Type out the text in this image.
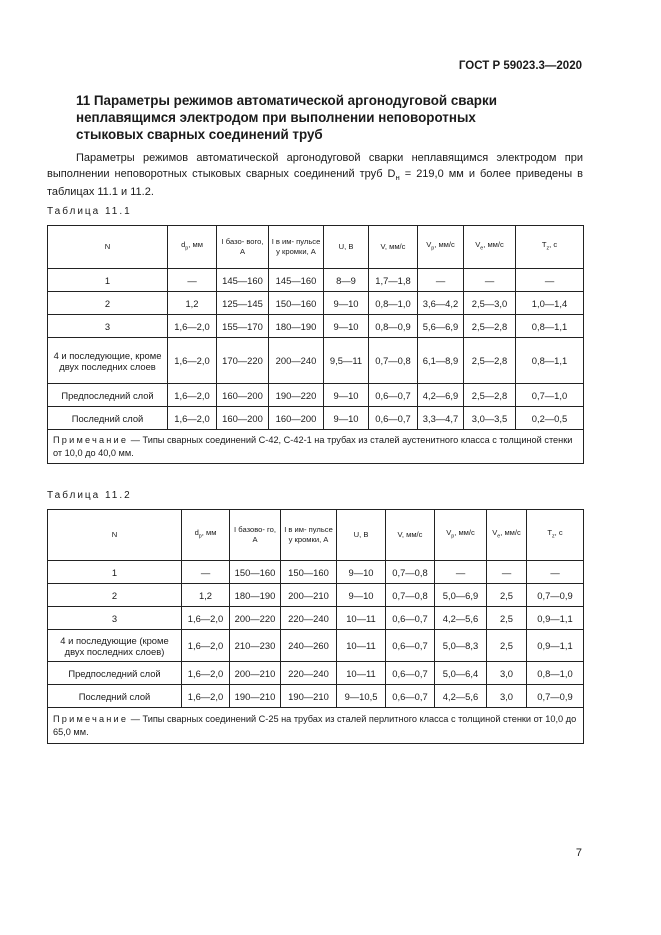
ГОСТ Р 59023.3—2020
11 Параметры режимов автоматической аргонодуговой сварки
неплавящимся электродом при выполнении неповоротных
стыковых сварных соединений труб
Параметры режимов автоматической аргонодуговой сварки неплавящимся электродом при выполнении неповоротных стыковых сварных соединений труб $D_н = 219,0$ мм и более приведены в таблицах 11.1 и 11.2.
Таблица 11.1
N	$d_p$, мм	I базо- вого, А	I в им- пульсе у кромки, А	U, В	V, мм/с	$V_p$, мм/с	$V_e$, мм/с	$T_z$, с
1	—	145—160	145—160	8—9	1,7—1,8	—	—	—
2	1,2	125—145	150—160	9—10	0,8—1,0	3,6—4,2	2,5—3,0	1,0—1,4
3	1,6—2,0	155—170	180—190	9—10	0,8—0,9	5,6—6,9	2,5—2,8	0,8—1,1
4 и последующие, кроме двух последних слоев	1,6—2,0	170—220	200—240	9,5—11	0,7—0,8	6,1—8,9	2,5—2,8	0,8—1,1
Предпоследний слой	1,6—2,0	160—200	190—220	9—10	0,6—0,7	4,2—6,9	2,5—2,8	0,7—1,0
Последний слой	1,6—2,0	160—200	160—200	9—10	0,6—0,7	3,3—4,7	3,0—3,5	0,2—0,5
Примечание — Типы сварных соединений С-42, С-42-1 на трубах из сталей аустенитного класса с толщиной стенки от 10,0 до 40,0 мм.								
Таблица 11.2
N	$d_p$, мм	I базово- го, А	I в им- пульсе у кромки, А	U, В	V, мм/с	$V_p$, мм/с	$V_e$, мм/с	$T_z$, с
1	—	150—160	150—160	9—10	0,7—0,8	—	—	—
2	1,2	180—190	200—210	9—10	0,7—0,8	5,0—6,9	2,5	0,7—0,9
3	1,6—2,0	200—220	220—240	10—11	0,6—0,7	4,2—5,6	2,5	0,9—1,1
4 и последующие (кроме двух последних слоев)	1,6—2,0	210—230	240—260	10—11	0,6—0,7	5,0—8,3	2,5	0,9—1,1
Предпоследний слой	1,6—2,0	200—210	220—240	10—11	0,6—0,7	5,0—6,4	3,0	0,8—1,0
Последний слой	1,6—2,0	190—210	190—210	9—10,5	0,6—0,7	4,2—5,6	3,0	0,7—0,9
Примечание — Типы сварных соединений С-25 на трубах из сталей перлитного класса с толщиной стенки от 10,0 до 65,0 мм.								
7
